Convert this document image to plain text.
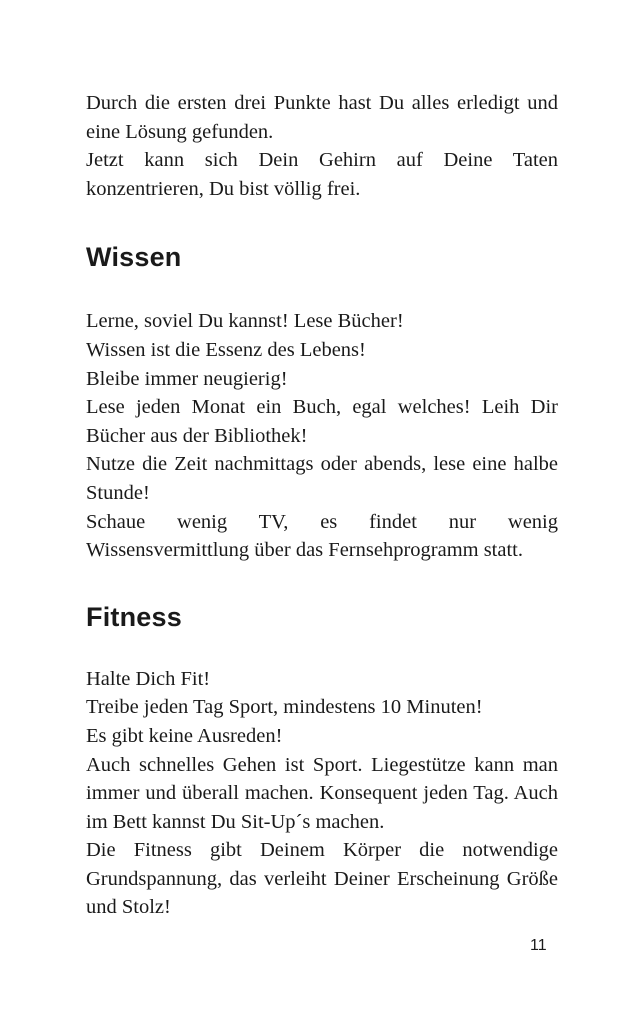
Durch die ersten drei Punkte hast Du alles erledigt und eine Lösung gefunden.

Jetzt kann sich Dein Gehirn auf Deine Taten konzentrieren, Du bist völlig frei.

Wissen

Lerne, soviel Du kannst! Lese Bücher!

Wissen ist die Essenz des Lebens!

Bleibe immer neugierig!

Lese jeden Monat ein Buch, egal welches! Leih Dir Bücher aus der Bibliothek!

Nutze die Zeit nachmittags oder abends, lese eine halbe Stunde!

Schaue wenig TV, es findet nur wenig Wissensvermittlung über das Fernsehprogramm statt.

Fitness

Halte Dich Fit!

Treibe jeden Tag Sport, mindestens 10 Minuten!

Es gibt keine Ausreden!

Auch schnelles Gehen ist Sport. Liegestütze kann man immer und überall machen. Konsequent jeden Tag. Auch im Bett kannst Du Sit-Up´s machen.

Die Fitness gibt Deinem Körper die notwendige Grundspannung, das verleiht Deiner Erscheinung Größe und Stolz!

11
